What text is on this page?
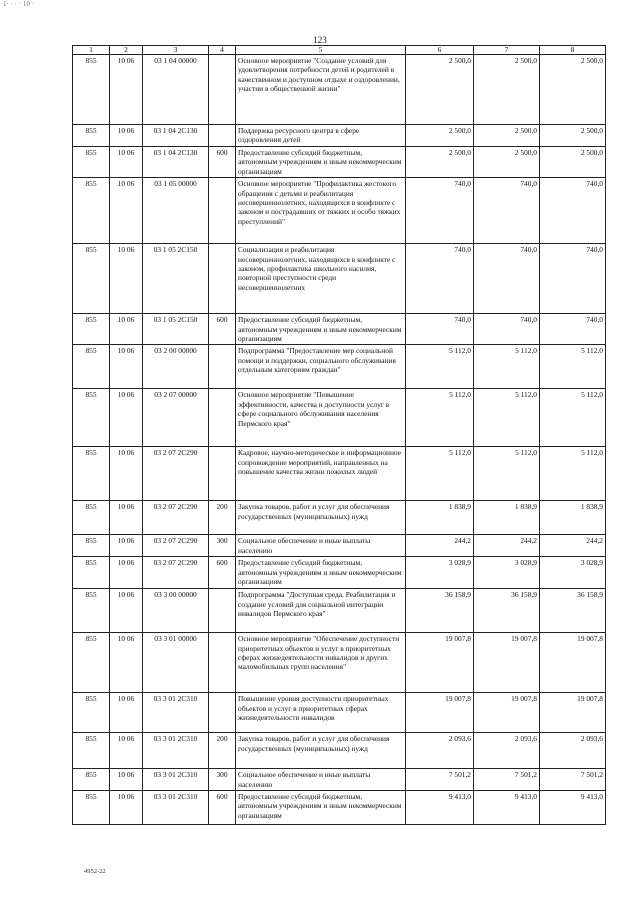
1· · · · 10 ·
123
1	2	3	4	5	6	7	8
855	10 06	03 1 04 00000		Основное мероприятие "Создание условий для удовлетворения потребности детей и родителей в качественном и доступном отдыхе и оздоровлении, участии в общественной жизни"	2 500,0	2 500,0	2 500,0
855	10 06	03 1 04 2С130		Поддержка ресурсного центра в сфере оздоровления детей	2 500,0	2 500,0	2 500,0
855	10 06	03 1 04 2С130	600	Предоставление субсидий бюджетным, автономным учреждениям и иным некоммерческим организациям	2 500,0	2 500,0	2 500,0
855	10 06	03 1 05 00000		Основное мероприятие "Профилактика жестокого обращения с детьми и реабилитация несовершеннолетних, находящихся в конфликте с законом и пострадавших от тяжких и особо тяжких преступлений"	740,0	740,0	740,0
855	10 06	03 1 05 2С150		Социализация и реабилитация несовершеннолетних, находящихся в конфликте с законом, профилактика школьного насилия, повторной преступности среди несовершеннолетних	740,0	740,0	740,0
855	10 06	03 1 05 2С150	600	Предоставление субсидий бюджетным, автономным учреждениям и иным некоммерческим организациям	740,0	740,0	740,0
855	10 06	03 2 00 00000		Подпрограмма "Предоставление мер социальной помощи и поддержки, социального обслуживания отдельным категориям граждан"	5 112,0	5 112,0	5 112,0
855	10 06	03 2 07 00000		Основное мероприятие "Повышение эффективности, качества и доступности услуг в сфере социального обслуживания населения Пермского края"	5 112,0	5 112,0	5 112,0
855	10 06	03 2 07 2С290		Кадровое, научно-методическое и информационное сопровождение мероприятий, направленных на повышение качества жизни пожилых людей	5 112,0	5 112,0	5 112,0
855	10 06	03 2 07 2С290	200	Закупка товаров, работ и услуг для обеспечения государственных (муниципальных) нужд	1 838,9	1 838,9	1 838,9
855	10 06	03 2 07 2С290	300	Социальное обеспечение и иные выплаты населению	244,2	244,2	244,2
855	10 06	03 2 07 2С290	600	Предоставление субсидий бюджетным, автономным учреждениям и иным некоммерческим организациям	3 028,9	3 028,9	3 028,9
855	10 06	03 3 00 00000		Подпрограмма "Доступная среда. Реабилитация и создание условий для социальной интеграции инвалидов Пермского края"	36 158,9	36 158,9	36 158,9
855	10 06	03 3 01 00000		Основное мероприятие "Обеспечение доступности приоритетных объектов и услуг в приоритетных сферах жизнедеятельности инвалидов и других маломобильных групп населения"	19 007,8	19 007,8	19 007,8
855	10 06	03 3 01 2С310		Повышение уровня доступности приоритетных объектов и услуг в приоритетных сферах жизнедеятельности инвалидов	19 007,8	19 007,8	19 007,8
855	10 06	03 3 01 2С310	200	Закупка товаров, работ и услуг для обеспечения государственных (муниципальных) нужд	2 093,6	2 093,6	2 093,6
855	10 06	03 3 01 2С310	300	Социальное обеспечение и иные выплаты населению	7 501,2	7 501,2	7 501,2
855	10 06	03 3 01 2С310	600	Предоставление субсидий бюджетным, автономным учреждениям и иным некоммерческим организациям	9 413,0	9 413,0	9 413,0
4952-22
